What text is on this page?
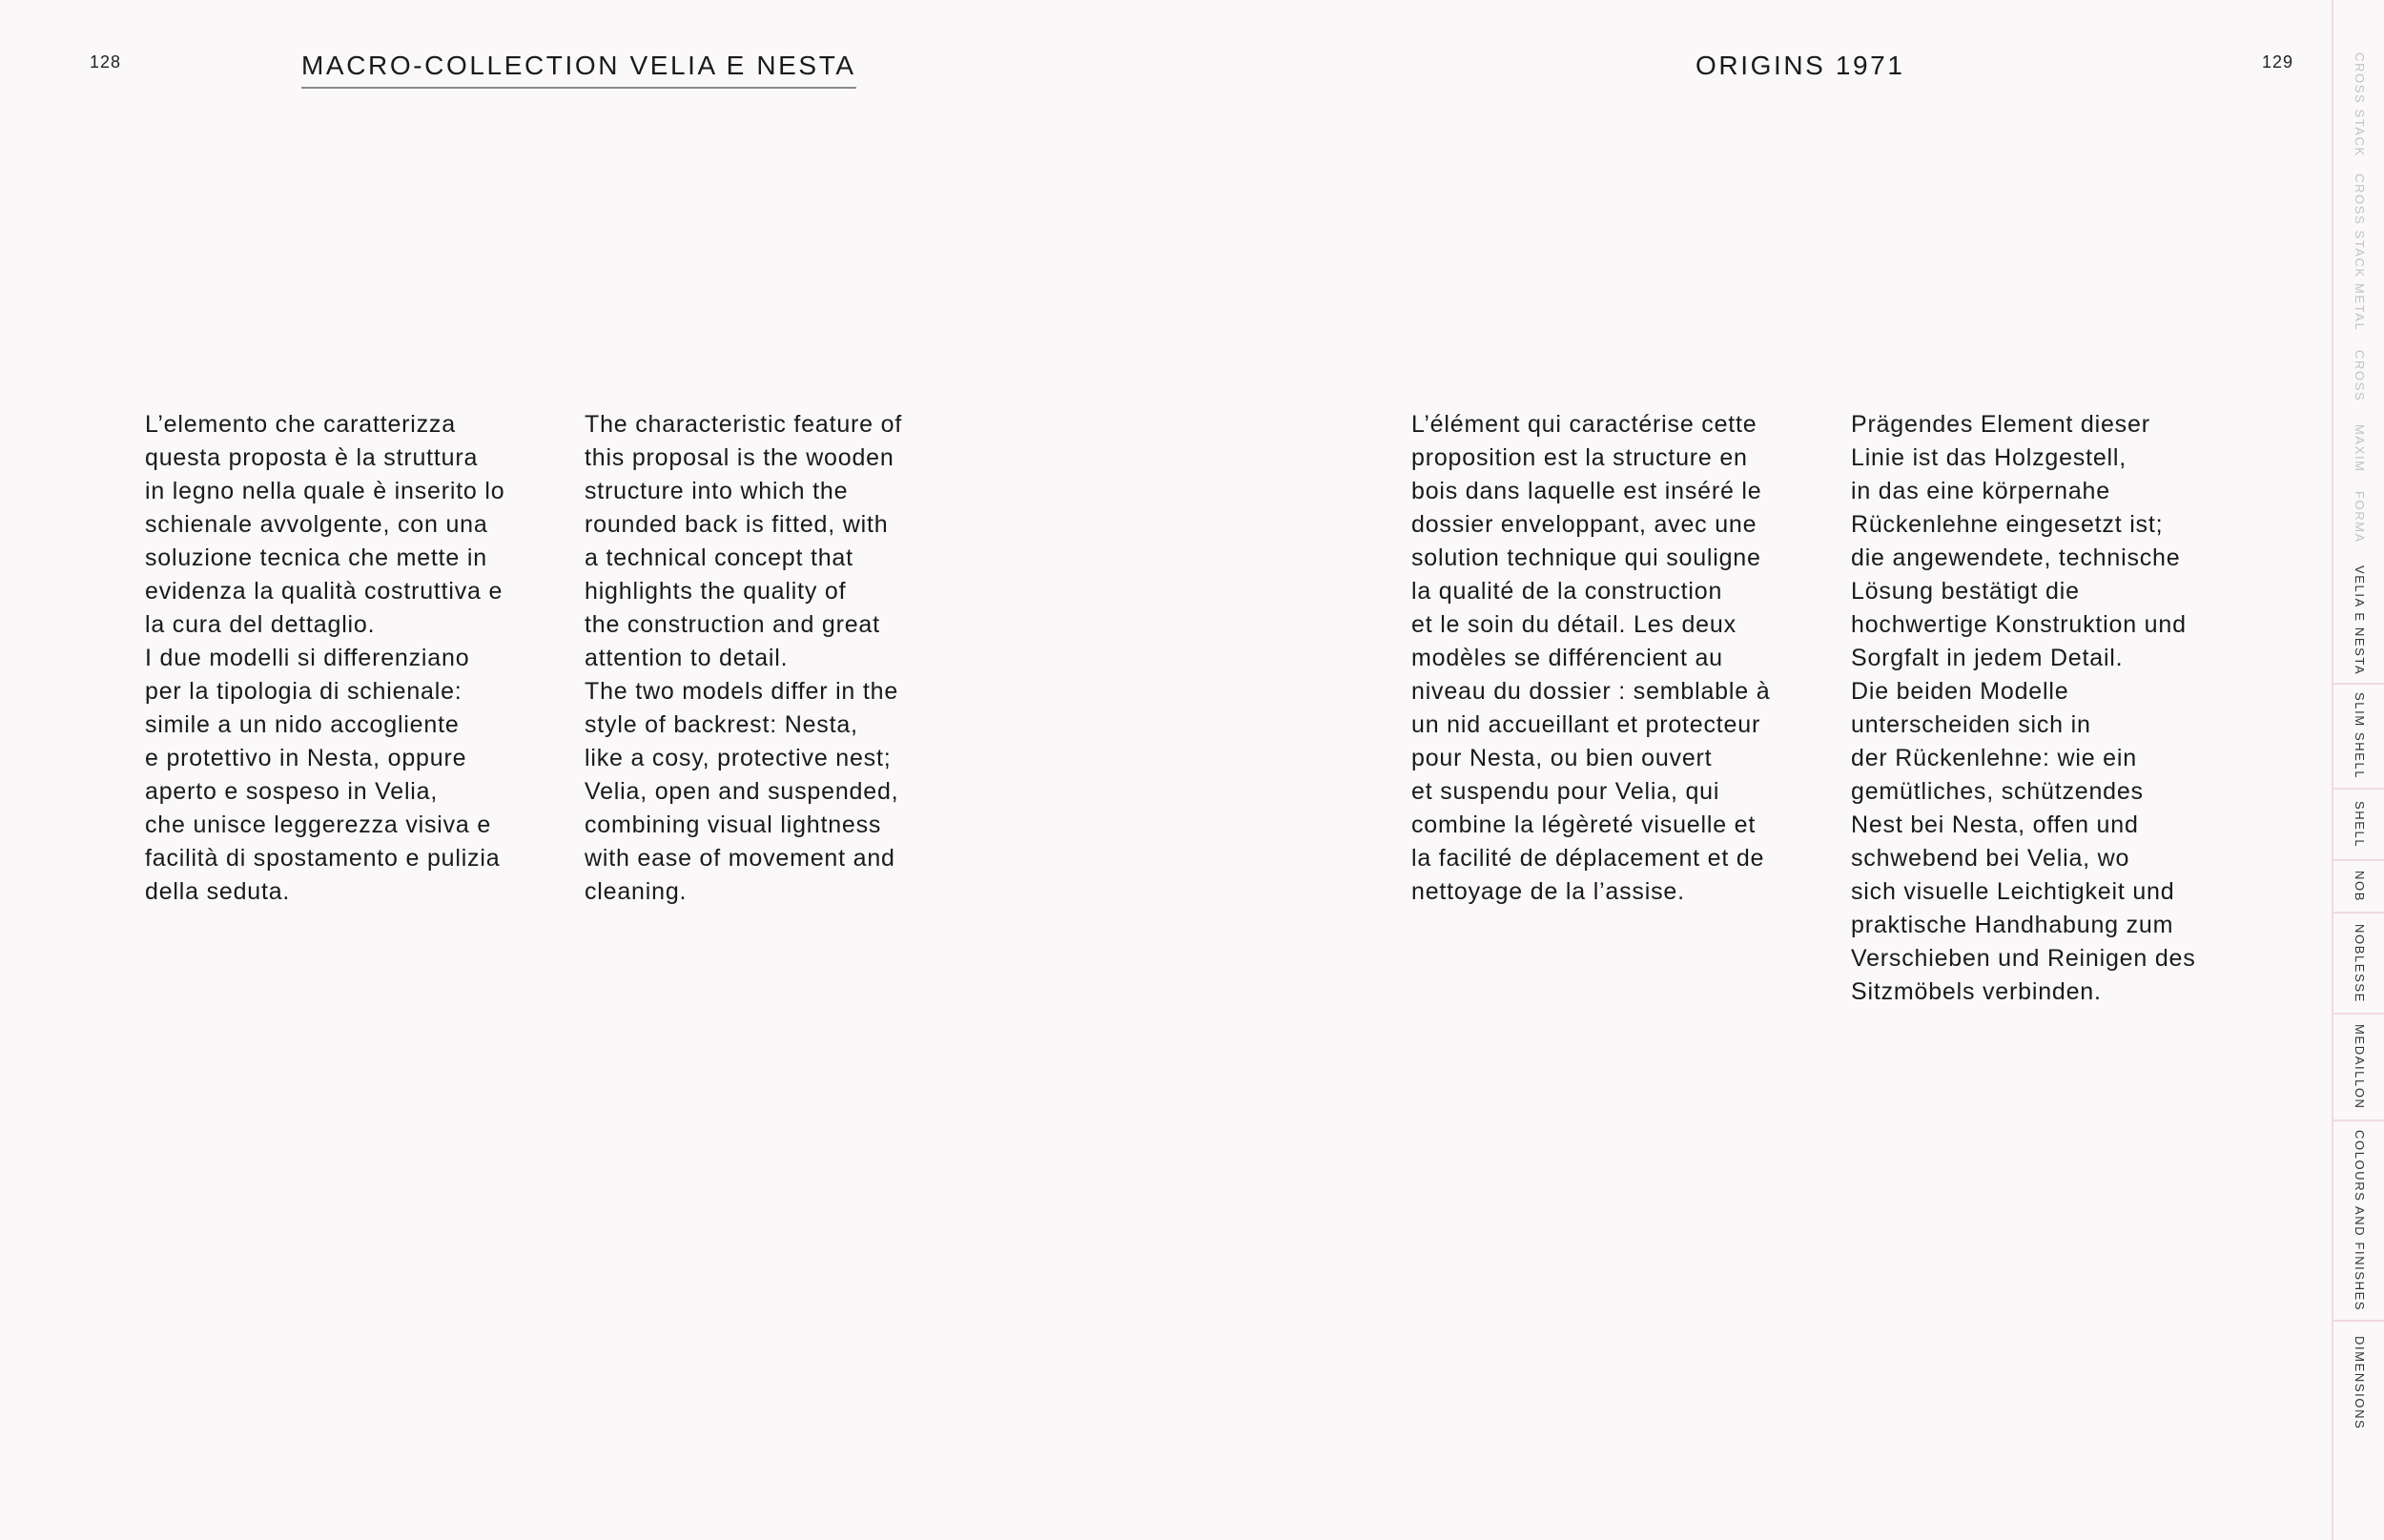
128	MACRO-COLLECTION VELIA E NESTA	ORIGINS 1971	129
L’elemento che caratterizza
questa proposta è la struttura
in legno nella quale è inserito lo
schienale avvolgente, con una
soluzione tecnica che mette in
evidenza la qualità costruttiva e
la cura del dettaglio.
I due modelli si differenziano
per la tipologia di schienale:
simile a un nido accogliente
e protettivo in Nesta, oppure
aperto e sospeso in Velia,
che unisce leggerezza visiva e
facilità di spostamento e pulizia
della seduta.
The characteristic feature of
this proposal is the wooden
structure into which the
rounded back is fitted, with
a technical concept that
highlights the quality of
the construction and great
attention to detail.
The two models differ in the
style of backrest: Nesta,
like a cosy, protective nest;
Velia, open and suspended,
combining visual lightness
with ease of movement and
cleaning.
L’élément qui caractérise cette
proposition est la structure en
bois dans laquelle est inséré le
dossier enveloppant, avec une
solution technique qui souligne
la qualité de la construction
et le soin du détail. Les deux
modèles se différencient au
niveau du dossier : semblable à
un nid accueillant et protecteur
pour Nesta, ou bien ouvert
et suspendu pour Velia, qui
combine la légèreté visuelle et
la facilité de déplacement et de
nettoyage de la l’assise.
Prägendes Element dieser
Linie ist das Holzgestell,
in das eine körpernahe
Rückenlehne eingesetzt ist;
die angewendete, technische
Lösung bestätigt die
hochwertige Konstruktion und
Sorgfalt in jedem Detail.
Die beiden Modelle
unterscheiden sich in
der Rückenlehne: wie ein
gemütliches, schützendes
Nest bei Nesta, offen und
schwebend bei Velia, wo
sich visuelle Leichtigkeit und
praktische Handhabung zum
Verschieben und Reinigen des
Sitzmöbels verbinden.
CROSS STACK
CROSS STACK METAL
CROSS
MAXIM
FORMA
VELIA E NESTA
SLIM SHELL
SHELL
NOB
NOBLESSE
MEDAILLON
COLOURS AND FINISHES
DIMENSIONS
